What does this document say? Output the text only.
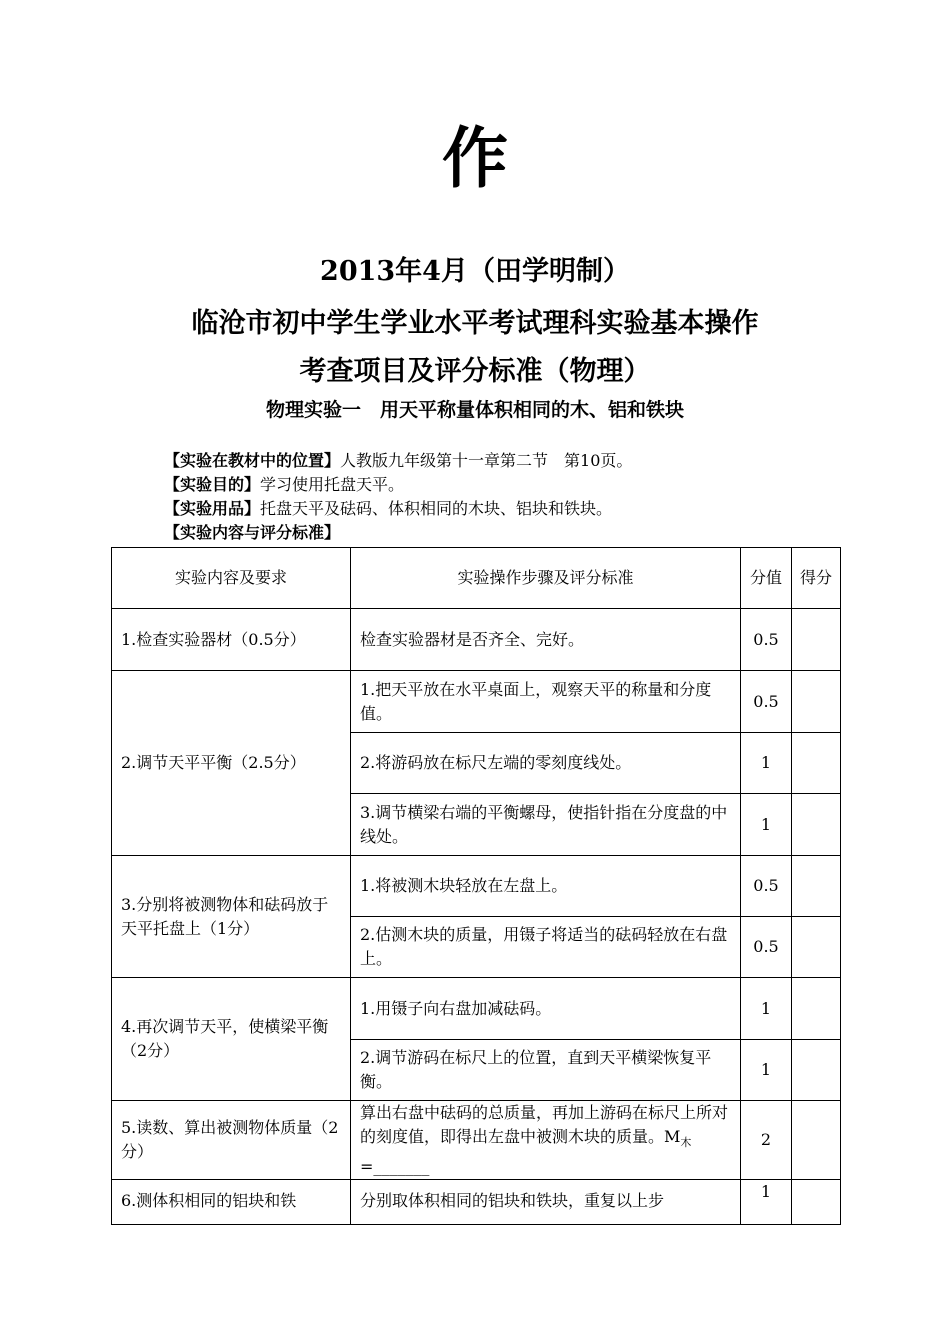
作
2013年4月（田学明制）
临沧市初中学生学业水平考试理科实验基本操作
考查项目及评分标准（物理）
物理实验一　用天平称量体积相同的木、铝和铁块
【实验在教材中的位置】人教版九年级第十一章第二节　第10页。
【实验目的】学习使用托盘天平。
【实验用品】托盘天平及砝码、体积相同的木块、铝块和铁块。
【实验内容与评分标准】
实验内容及要求	实验操作步骤及评分标准	分值	得分
1.检查实验器材（0.5分）	检查实验器材是否齐全、完好。	0.5	
2.调节天平平衡（2.5分）	1.把天平放在水平桌面上，观察天平的称量和分度值。	0.5	
	2.将游码放在标尺左端的零刻度线处。	1	
	3.调节横梁右端的平衡螺母，使指针指在分度盘的中线处。	1	
3.分别将被测物体和砝码放于天平托盘上（1分）	1.将被测木块轻放在左盘上。	0.5	
	2.估测木块的质量，用镊子将适当的砝码轻放在右盘上。	0.5	
4.再次调节天平，使横梁平衡（2分）	1.用镊子向右盘加减砝码。	1	
	2.调节游码在标尺上的位置，直到天平横梁恢复平衡。	1	
5.读数、算出被测物体质量（2分）	算出右盘中砝码的总质量，再加上游码在标尺上所对的刻度值，即得出左盘中被测木块的质量。$M_木=\_\_\_\_\_\_\_$	2	
6.测体积相同的铝块和铁	分别取体积相同的铝块和铁块，重复以上步	1	
